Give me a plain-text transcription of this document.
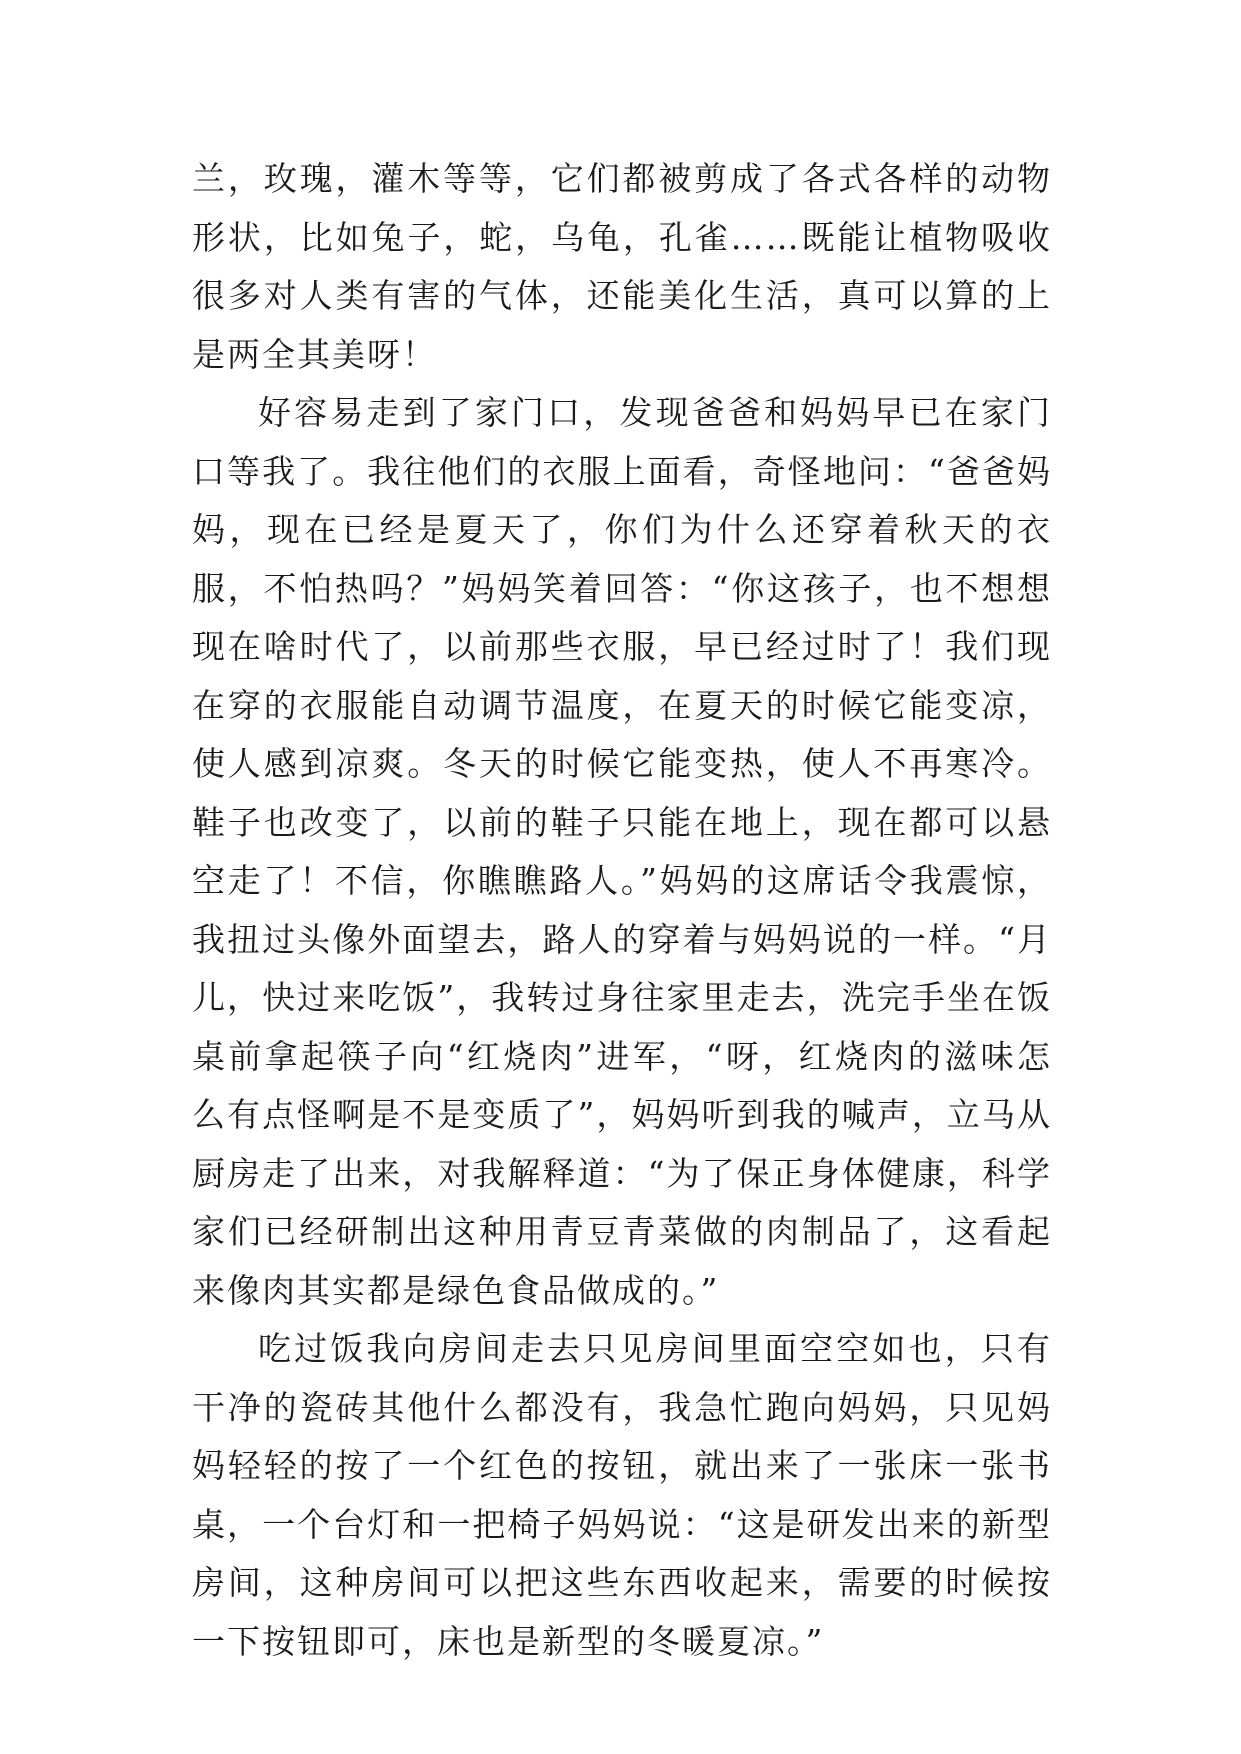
兰，玫瑰，灌木等等，它们都被剪成了各式各样的动物形状，比如兔子，蛇，乌龟，孔雀……既能让植物吸收很多对人类有害的气体，还能美化生活，真可以算的上是两全其美呀！

好容易走到了家门口，发现爸爸和妈妈早已在家门口等我了。我往他们的衣服上面看，奇怪地问：“爸爸妈妈，现在已经是夏天了，你们为什么还穿着秋天的衣服，不怕热吗？”妈妈笑着回答：“你这孩子，也不想想现在啥时代了，以前那些衣服，早已经过时了！我们现在穿的衣服能自动调节温度，在夏天的时候它能变凉，使人感到凉爽。冬天的时候它能变热，使人不再寒冷。鞋子也改变了，以前的鞋子只能在地上，现在都可以悬空走了！不信，你瞧瞧路人。”妈妈的这席话令我震惊，我扭过头像外面望去，路人的穿着与妈妈说的一样。“月儿，快过来吃饭”，我转过身往家里走去，洗完手坐在饭桌前拿起筷子向“红烧肉”进军，“呀，红烧肉的滋味怎么有点怪啊是不是变质了”，妈妈听到我的喊声，立马从厨房走了出来，对我解释道：“为了保正身体健康，科学家们已经研制出这种用青豆青菜做的肉制品了，这看起来像肉其实都是绿色食品做成的。”

吃过饭我向房间走去只见房间里面空空如也，只有干净的瓷砖其他什么都没有，我急忙跑向妈妈，只见妈妈轻轻的按了一个红色的按钮，就出来了一张床一张书桌，一个台灯和一把椅子妈妈说：“这是研发出来的新型房间，这种房间可以把这些东西收起来，需要的时候按一下按钮即可，床也是新型的冬暖夏凉。”
